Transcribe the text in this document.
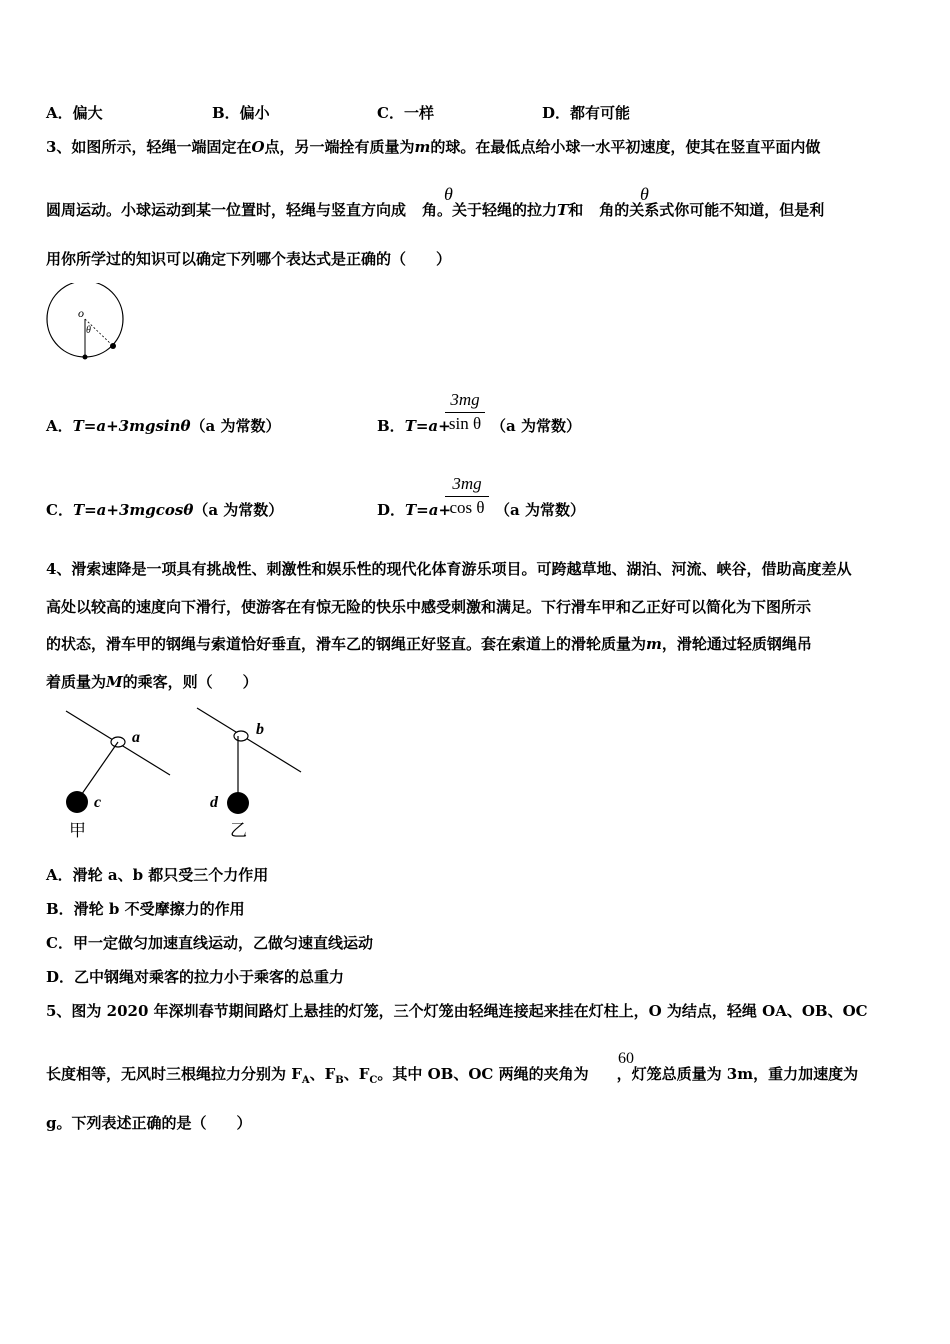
A．偏大	B．偏小	C．一样	D．都有可能
3、如图所示，轻绳一端固定在O点，另一端拴有质量为m的球。在最低点给小球一水平初速度，使其在竖直平面内做
圆周运动。小球运动到某一位置时，轻绳与竖直方向成 角。关于轻绳的拉力T和 角的关系式你可能不知道，但是利
θ	θ
用你所学过的知识可以确定下列哪个表达式是正确的（　　）
o
θ
A．T=a+3mgsinθ（a 为常数）	B．T=a+
$\frac{3mg}{\text{sin θ}} (a$ 为常数）
C．T=a+3mgcosθ（a 为常数）	D．T=a+
$\frac{3mg}{\text{cos θ}} (a$ 为常数）
4、滑索速降是一项具有挑战性、刺激性和娱乐性的现代化体育游乐项目。可跨越草地、湖泊、河流、峡谷，借助高度差从
高处以较高的速度向下滑行，使游客在有惊无险的快乐中感受刺激和满足。下行滑车甲和乙正好可以简化为下图所示
的状态，滑车甲的钢绳与索道恰好垂直，滑车乙的钢绳正好竖直。套在索道上的滑轮质量为m，滑轮通过轻质钢绳吊
着质量为M的乘客，则（　　）
a
c
甲
b
d
乙
A．滑轮 a、b 都只受三个力作用
B．滑轮 b 不受摩擦力的作用
C．甲一定做匀加速直线运动，乙做匀速直线运动
D．乙中钢绳对乘客的拉力小于乘客的总重力
5、图为 2020 年深圳春节期间路灯上悬挂的灯笼，三个灯笼由轻绳连接起来挂在灯柱上，O 为结点，轻绳 OA、OB、OC
长度相等，无风时三根绳拉力分别为 $F_A$、$F_B$、$F_C$。其中 OB、OC 两绳的夹角为 ，灯笼总质量为 3m，重力加速度为
60
g。下列表述正确的是（　　）
